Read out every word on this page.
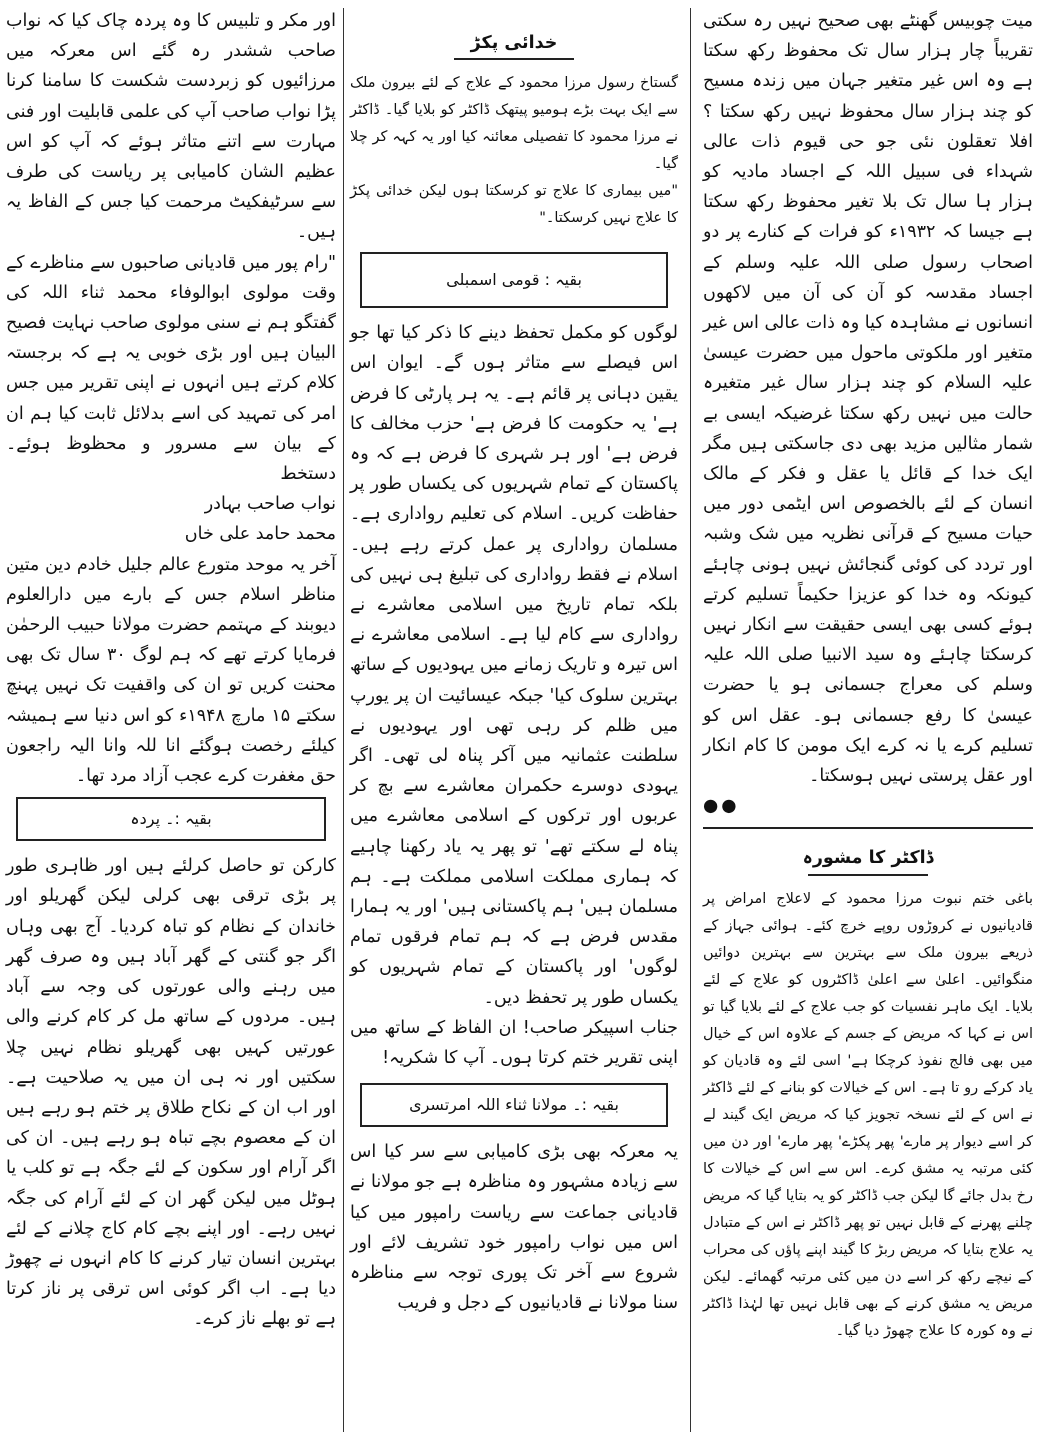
میت چوبیس گھنٹے بھی صحیح نہیں رہ سکتی تقریباً چار ہزار سال تک محفوظ رکھ سکتا ہے وہ اس غیر متغیر جہان میں زندہ مسیح کو چند ہزار سال محفوظ نہیں رکھ سکتا ؟افلا تعقلون نئی جو حی قیوم ذات عالی شہداء فی سبیل اللہ کے اجساد مادیہ کو ہزار ہا سال تک بلا تغیر محفوظ رکھ سکتا ہے جیسا کہ ۱۹۳۲ء کو فرات کے کنارے پر دو اصحاب رسول صلی اللہ علیہ وسلم کے اجساد مقدسہ کو آن کی آن میں لاکھوں انسانوں نے مشاہدہ کیا وہ ذات عالی اس غیر متغیر اور ملکوتی ماحول میں حضرت عیسیٰ علیہ السلام کو چند ہزار سال غیر متغیرہ حالت میں نہیں رکھ سکتا غرضیکہ ایسی بے شمار مثالیں مزید بھی دی جاسکتی ہیں مگر ایک خدا کے قائل یا عقل و فکر کے مالک انسان کے لئے بالخصوص اس ایٹمی دور میں حیات مسیح کے قرآنی نظریہ میں شک وشبہ اور تردد کی کوئی گنجائش نہیں ہونی چاہئے کیونکہ وہ خدا کو عزیزا حکیماً تسلیم کرتے ہوئے کسی بھی ایسی حقیقت سے انکار نہیں کرسکتا چاہئے وہ سید الانبیا صلی اللہ علیہ وسلم کی معراج جسمانی ہو یا حضرت عیسیٰ کا رفع جسمانی ہو۔ عقل اس کو تسلیم کرے یا نہ کرے ایک مومن کا کام انکار اور عقل پرستی نہیں ہوسکتا۔

●●

ڈاکٹر کا مشورہ

باغی ختم نبوت مرزا محمود کے لاعلاج امراض پر قادیانیوں نے کروڑوں روپے خرچ کئے۔ ہوائی جہاز کے ذریعے بیرون ملک سے بہترین سے بہترین دوائیں منگوائیں۔ اعلیٰ سے اعلیٰ ڈاکٹروں کو علاج کے لئے بلایا۔ ایک ماہر نفسیات کو جب علاج کے لئے بلایا گیا تو اس نے کہا کہ مریض کے جسم کے علاوہ اس کے خیال میں بھی فالج نفوذ کرچکا ہے' اسی لئے وہ قادیان کو یاد کرکے رو تا ہے۔ اس کے خیالات کو بنانے کے لئے ڈاکٹر نے اس کے لئے نسخہ تجویز کیا کہ مریض ایک گیند لے کر اسے دیوار پر مارے' پھر پکڑے' پھر مارے' اور دن میں کئی مرتبہ یہ مشق کرے۔ اس سے اس کے خیالات کا رخ بدل جائے گا لیکن جب ڈاکٹر کو یہ بتایا گیا کہ مریض چلنے پھرنے کے قابل نہیں تو پھر ڈاکٹر نے اس کے متبادل یہ علاج بتایا کہ مریض ربڑ کا گیند اپنے پاؤں کی محراب کے نیچے رکھ کر اسے دن میں کئی مرتبہ گھمائے۔ لیکن مریض یہ مشق کرنے کے بھی قابل نہیں تھا لہٰذا ڈاکٹر نے وہ کورہ کا علاج چھوڑ دیا گیا۔

خدائی پکڑ

گستاخ رسول مرزا محمود کے علاج کے لئے بیرون ملک سے ایک بہت بڑے ہومیو پیتھک ڈاکٹر کو بلایا گیا۔ ڈاکٹر نے مرزا محمود کا تفصیلی معائنہ کیا اور یہ کہہ کر چلا گیا۔

"میں بیماری کا علاج تو کرسکتا ہوں لیکن خدائی پکڑ کا علاج نہیں کرسکتا۔"

بقیہ : قومی اسمبلی

لوگوں کو مکمل تحفظ دینے کا ذکر کیا تھا جو اس فیصلے سے متاثر ہوں گے۔ ایوان اس یقین دہانی پر قائم ہے۔ یہ ہر پارٹی کا فرض ہے' یہ حکومت کا فرض ہے' حزب مخالف کا فرض ہے' اور ہر شہری کا فرض ہے کہ وہ پاکستان کے تمام شہریوں کی یکساں طور پر حفاظت کریں۔ اسلام کی تعلیم رواداری ہے۔ مسلمان رواداری پر عمل کرتے رہے ہیں۔ اسلام نے فقط رواداری کی تبلیغ ہی نہیں کی بلکہ تمام تاریخ میں اسلامی معاشرے نے رواداری سے کام لیا ہے۔ اسلامی معاشرے نے اس تیرہ و تاریک زمانے میں یہودیوں کے ساتھ بہترین سلوک کیا' جبکہ عیسائیت ان پر یورپ میں ظلم کر رہی تھی اور یہودیوں نے سلطنت عثمانیہ میں آکر پناہ لی تھی۔ اگر یہودی دوسرے حکمران معاشرے سے بچ کر عربوں اور ترکوں کے اسلامی معاشرے میں پناہ لے سکتے تھے' تو پھر یہ یاد رکھنا چاہیے کہ ہماری مملکت اسلامی مملکت ہے۔ ہم مسلمان ہیں' ہم پاکستانی ہیں' اور یہ ہمارا مقدس فرض ہے کہ ہم تمام فرقوں تمام لوگوں' اور پاکستان کے تمام شہریوں کو یکساں طور پر تحفظ دیں۔

جناب اسپیکر صاحب! ان الفاظ کے ساتھ میں اپنی تقریر ختم کرتا ہوں۔ آپ کا شکریہ!

بقیہ :۔ مولانا ثناء اللہ امرتسری

یہ معرکہ بھی بڑی کامیابی سے سر کیا اس سے زیادہ مشہور وہ مناظرہ ہے جو مولانا نے قادیانی جماعت سے ریاست رامپور میں کیا اس میں نواب رامپور خود تشریف لائے اور شروع سے آخر تک پوری توجہ سے مناظرہ سنا مولانا نے قادیانیوں کے دجل و فریب

اور مکر و تلبیس کا وہ پردہ چاک کیا کہ نواب صاحب ششدر رہ گئے اس معرکہ میں مرزائیوں کو زبردست شکست کا سامنا کرنا پڑا نواب صاحب آپ کی علمی قابلیت اور فنی مہارت سے اتنے متاثر ہوئے کہ آپ کو اس عظیم الشان کامیابی پر ریاست کی طرف سے سرٹیفکیٹ مرحمت کیا جس کے الفاظ یہ ہیں۔

"رام پور میں قادیانی صاحبوں سے مناظرے کے وقت مولوی ابوالوفاء محمد ثناء اللہ کی گفتگو ہم نے سنی مولوی صاحب نہایت فصیح البیان ہیں اور بڑی خوبی یہ ہے کہ برجستہ کلام کرتے ہیں انہوں نے اپنی تقریر میں جس امر کی تمہید کی اسے بدلائل ثابت کیا ہم ان کے بیان سے مسرور و محظوظ ہوئے۔ دستخط

نواب صاحب بہادر

محمد حامد علی خاں

آخر یہ موحد متورع عالم جلیل خادم دین متین مناظر اسلام جس کے بارے میں دارالعلوم دیوبند کے مہتمم حضرت مولانا حبیب الرحمٰن فرمایا کرتے تھے کہ ہم لوگ ۳۰ سال تک بھی محنت کریں تو ان کی واقفیت تک نہیں پہنچ سکتے ۱۵ مارچ ۱۹۴۸ء کو اس دنیا سے ہمیشہ کیلئے رخصت ہوگئے انا للہ وانا الیہ راجعون حق مغفرت کرے عجب آزاد مرد تھا۔

بقیہ :۔ پردہ

کارکن تو حاصل کرلئے ہیں اور ظاہری طور پر بڑی ترقی بھی کرلی لیکن گھریلو اور خاندان کے نظام کو تباہ کردیا۔ آج بھی وہاں اگر جو گنتی کے گھر آباد ہیں وہ صرف گھر میں رہنے والی عورتوں کی وجہ سے آباد ہیں۔ مردوں کے ساتھ مل کر کام کرنے والی عورتیں کہیں بھی گھریلو نظام نہیں چلا سکتیں اور نہ ہی ان میں یہ صلاحیت ہے۔ اور اب ان کے نکاح طلاق پر ختم ہو رہے ہیں ان کے معصوم بچے تباہ ہو رہے ہیں۔ ان کی اگر آرام اور سکون کے لئے جگہ ہے تو کلب یا ہوٹل میں لیکن گھر ان کے لئے آرام کی جگہ نہیں رہے۔ اور اپنے بچے کام کاج چلانے کے لئے بہترین انسان تیار کرنے کا کام انہوں نے چھوڑ دیا ہے۔ اب اگر کوئی اس ترقی پر ناز کرتا ہے تو بھلے ناز کرے۔
